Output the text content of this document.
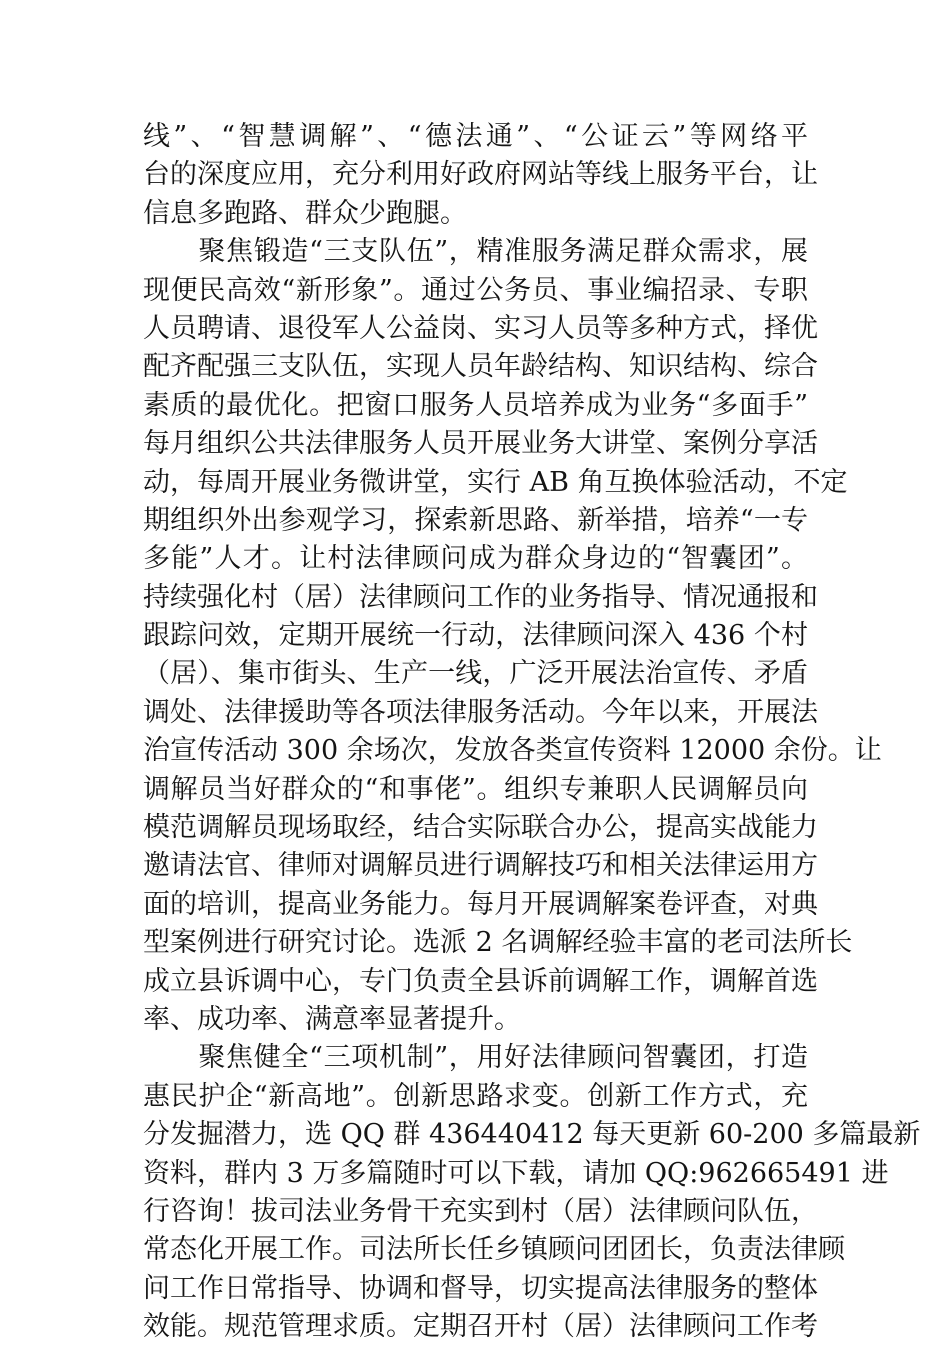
线”、“智慧调解”、“德法通”、“公证云”等网络平
台的深度应用，充分利用好政府网站等线上服务平台，让
信息多跑路、群众少跑腿。
　　聚焦锻造“三支队伍”，精准服务满足群众需求，展
现便民高效“新形象”。通过公务员、事业编招录、专职
人员聘请、退役军人公益岗、实习人员等多种方式，择优
配齐配强三支队伍，实现人员年龄结构、知识结构、综合
素质的最优化。把窗口服务人员培养成为业务“多面手”
每月组织公共法律服务人员开展业务大讲堂、案例分享活
动，每周开展业务微讲堂，实行 AB 角互换体验活动，不定
期组织外出参观学习，探索新思路、新举措，培养“一专
多能”人才。让村法律顾问成为群众身边的“智囊团”。
持续强化村（居）法律顾问工作的业务指导、情况通报和
跟踪问效，定期开展统一行动，法律顾问深入 436 个村
（居）、集市街头、生产一线，广泛开展法治宣传、矛盾
调处、法律援助等各项法律服务活动。今年以来，开展法
治宣传活动 300 余场次，发放各类宣传资料 12000 余份。让
调解员当好群众的“和事佬”。组织专兼职人民调解员向
模范调解员现场取经，结合实际联合办公，提高实战能力
邀请法官、律师对调解员进行调解技巧和相关法律运用方
面的培训，提高业务能力。每月开展调解案卷评查，对典
型案例进行研究讨论。选派 2 名调解经验丰富的老司法所长
成立县诉调中心，专门负责全县诉前调解工作，调解首选
率、成功率、满意率显著提升。
　　聚焦健全“三项机制”，用好法律顾问智囊团，打造
惠民护企“新高地”。创新思路求变。创新工作方式，充
分发掘潜力，选 QQ 群 436440412 每天更新 60-200 多篇最新
资料，群内 3 万多篇随时可以下载，请加 QQ:962665491 进
行咨询！拔司法业务骨干充实到村（居）法律顾问队伍，
常态化开展工作。司法所长任乡镇顾问团团长，负责法律顾
问工作日常指导、协调和督导，切实提高法律服务的整体
效能。规范管理求质。定期召开村（居）法律顾问工作考
